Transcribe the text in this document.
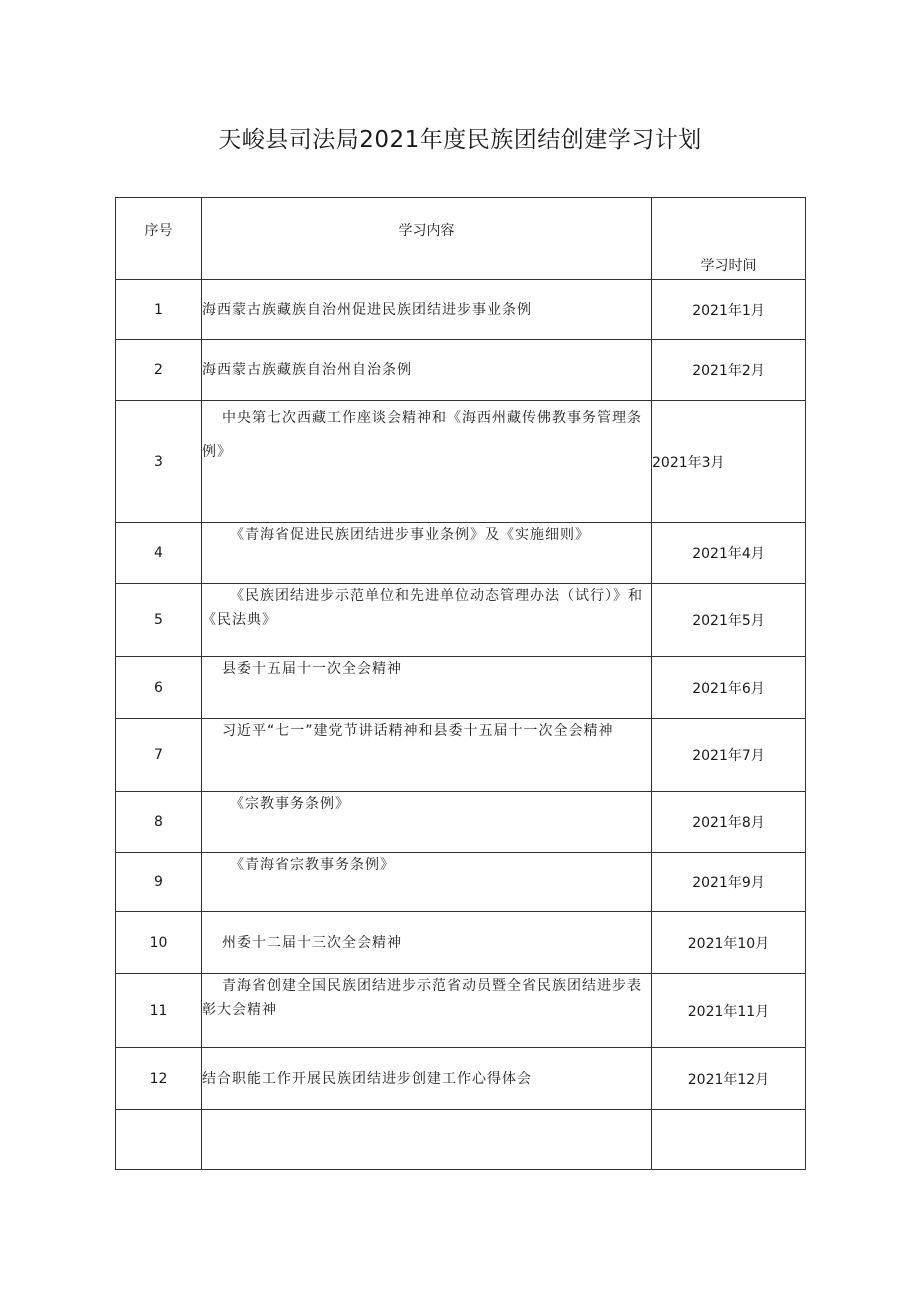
天峻县司法局2021年度民族团结创建学习计划
序号	学习内容	学习时间
1	海西蒙古族藏族自治州促进民族团结进步事业条例	2021年1月
2	海西蒙古族藏族自治州自治条例	2021年2月
3	中央第七次西藏工作座谈会精神和《海西州藏传佛教事务管理条例》	2021年3月
4	《青海省促进民族团结进步事业条例》及《实施细则》	2021年4月
5	《民族团结进步示范单位和先进单位动态管理办法（试行）》和《民法典》	2021年5月
6	县委十五届十一次全会精神	2021年6月
7	习近平“七一”建党节讲话精神和县委十五届十一次全会精神	2021年7月
8	《宗教事务条例》	2021年8月
9	《青海省宗教事务条例》	2021年9月
10	州委十二届十三次全会精神	2021年10月
11	青海省创建全国民族团结进步示范省动员暨全省民族团结进步表彰大会精神	2021年11月
12	结合职能工作开展民族团结进步创建工作心得体会	2021年12月
